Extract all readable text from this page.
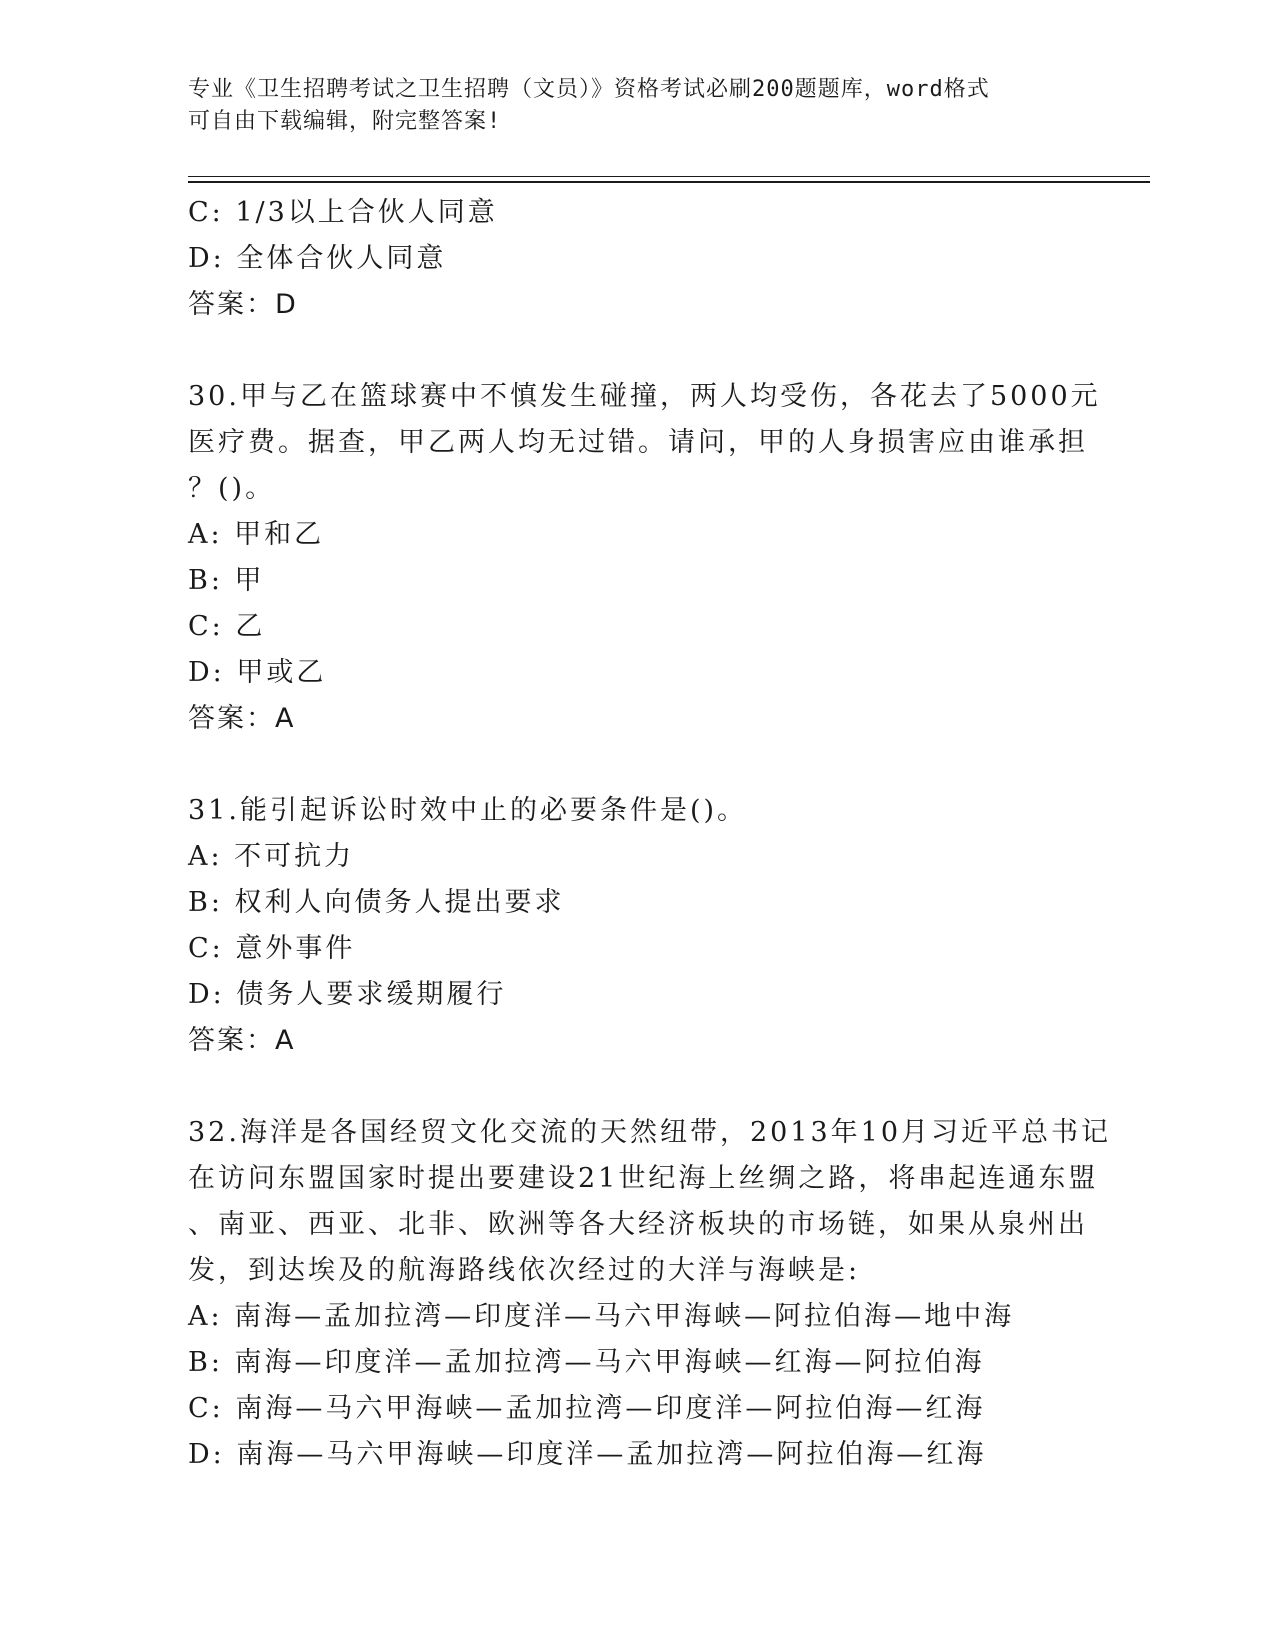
专业《卫生招聘考试之卫生招聘（文员）》资格考试必刷200题题库，word格式
可自由下载编辑，附完整答案!
C: 1/3以上合伙人同意
D: 全体合伙人同意
答案：D
30.甲与乙在篮球赛中不慎发生碰撞，两人均受伤，各花去了5000元
医疗费。据查，甲乙两人均无过错。请问，甲的人身损害应由谁承担
？()。
A: 甲和乙
B: 甲
C: 乙
D: 甲或乙
答案：A
31.能引起诉讼时效中止的必要条件是()。
A: 不可抗力
B: 权利人向债务人提出要求
C: 意外事件
D: 债务人要求缓期履行
答案：A
32.海洋是各国经贸文化交流的天然纽带，2013年10月习近平总书记
在访问东盟国家时提出要建设21世纪海上丝绸之路，将串起连通东盟
、南亚、西亚、北非、欧洲等各大经济板块的市场链，如果从泉州出
发，到达埃及的航海路线依次经过的大洋与海峡是:
A: 南海—孟加拉湾—印度洋—马六甲海峡—阿拉伯海—地中海
B: 南海—印度洋—孟加拉湾—马六甲海峡—红海—阿拉伯海
C: 南海—马六甲海峡—孟加拉湾—印度洋—阿拉伯海—红海
D: 南海—马六甲海峡—印度洋—孟加拉湾—阿拉伯海—红海
